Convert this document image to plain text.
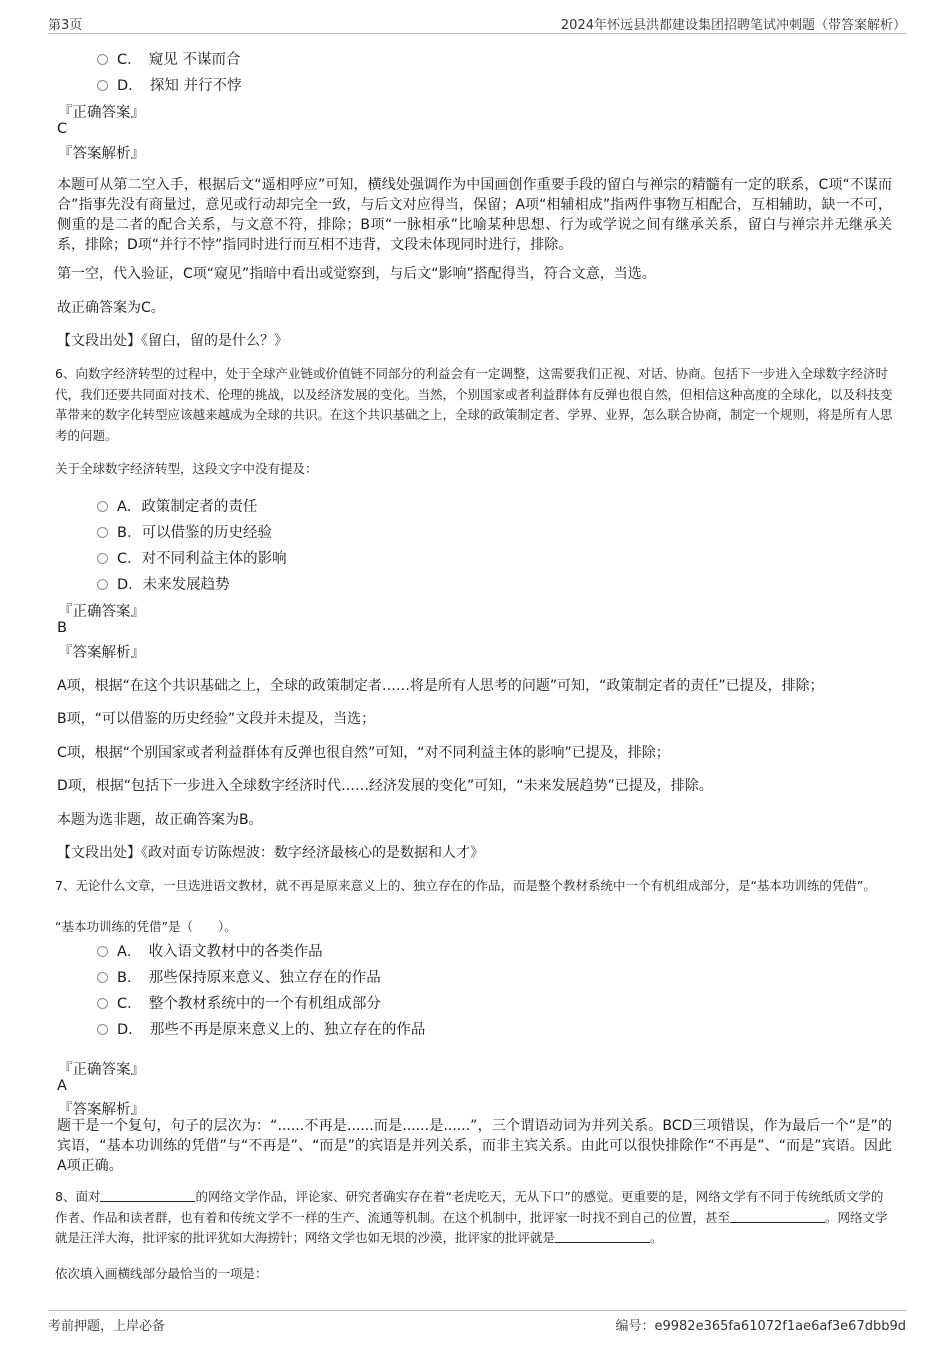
第3页	2024年怀远县洪都建设集团招聘笔试冲刺题（带答案解析）
C．　窥见 不谋而合
D．　探知 并行不悖
『正确答案』
C
『答案解析』
本题可从第二空入手，根据后文“遥相呼应”可知，横线处强调作为中国画创作重要手段的留白与禅宗的精髓有一定的联系，C项“不谋而合”指事先没有商量过，意见或行动却完全一致，与后文对应得当，保留；A项“相辅相成”指两件事物互相配合，互相辅助，缺一不可，侧重的是二者的配合关系，与文意不符，排除；B项“一脉相承”比喻某种思想、行为或学说之间有继承关系，留白与禅宗并无继承关系，排除；D项“并行不悖”指同时进行而互相不违背，文段未体现同时进行，排除。
第一空，代入验证，C项“窥见”指暗中看出或觉察到，与后文“影响”搭配得当，符合文意，当选。
故正确答案为C。
【文段出处】《留白，留的是什么？》
6、向数字经济转型的过程中，处于全球产业链或价值链不同部分的利益会有一定调整，这需要我们正视、对话、协商。包括下一步进入全球数字经济时代，我们还要共同面对技术、伦理的挑战，以及经济发展的变化。当然，个别国家或者利益群体有反弹也很自然，但相信这种高度的全球化，以及科技变革带来的数字化转型应该越来越成为全球的共识。在这个共识基础之上，全球的政策制定者、学界、业界，怎么联合协商，制定一个规则，将是所有人思考的问题。
关于全球数字经济转型，这段文字中没有提及：
A．政策制定者的责任
B．可以借鉴的历史经验
C．对不同利益主体的影响
D．未来发展趋势
『正确答案』
B
『答案解析』
A项，根据“在这个共识基础之上，全球的政策制定者……将是所有人思考的问题”可知，“政策制定者的责任”已提及，排除；
B项，“可以借鉴的历史经验”文段并未提及，当选；
C项，根据“个别国家或者利益群体有反弹也很自然”可知，“对不同利益主体的影响”已提及，排除；
D项，根据“包括下一步进入全球数字经济时代……经济发展的变化”可知，“未来发展趋势”已提及，排除。
本题为选非题，故正确答案为B。
【文段出处】《政对面专访陈煜波：数字经济最核心的是数据和人才》
7、无论什么文章，一旦选进语文教材，就不再是原来意义上的、独立存在的作品，而是整个教材系统中一个有机组成部分，是“基本功训练的凭借”。
“基本功训练的凭借”是（　　）。
A．　收入语文教材中的各类作品
B．　那些保持原来意义、独立存在的作品
C．　整个教材系统中的一个有机组成部分
D．　那些不再是原来意义上的、独立存在的作品
『正确答案』
A
『答案解析』
题干是一个复句，句子的层次为：“......不再是......而是......是......”，三个谓语动词为并列关系。BCD三项错误，作为最后一个“是”的宾语，“基本功训练的凭借”与“不再是”、“而是”的宾语是并列关系，而非主宾关系。由此可以很快排除作“不再是”、“而是”宾语。因此A项正确。
8、面对	的网络文学作品，评论家、研究者确实存在着“老虎吃天，无从下口”的感觉。更重要的是，网络文学有不同于传统纸质文学的作者、作品和读者群，也有着和传统文学不一样的生产、流通等机制。在这个机制中，批评家一时找不到自己的位置，甚至	。网络文学就是汪洋大海，批评家的批评犹如大海捞针；网络文学也如无垠的沙漠，批评家的批评就是	。
依次填入画横线部分最恰当的一项是：
考前押题，上岸必备	编号：e9982e365fa61072f1ae6af3e67dbb9d
